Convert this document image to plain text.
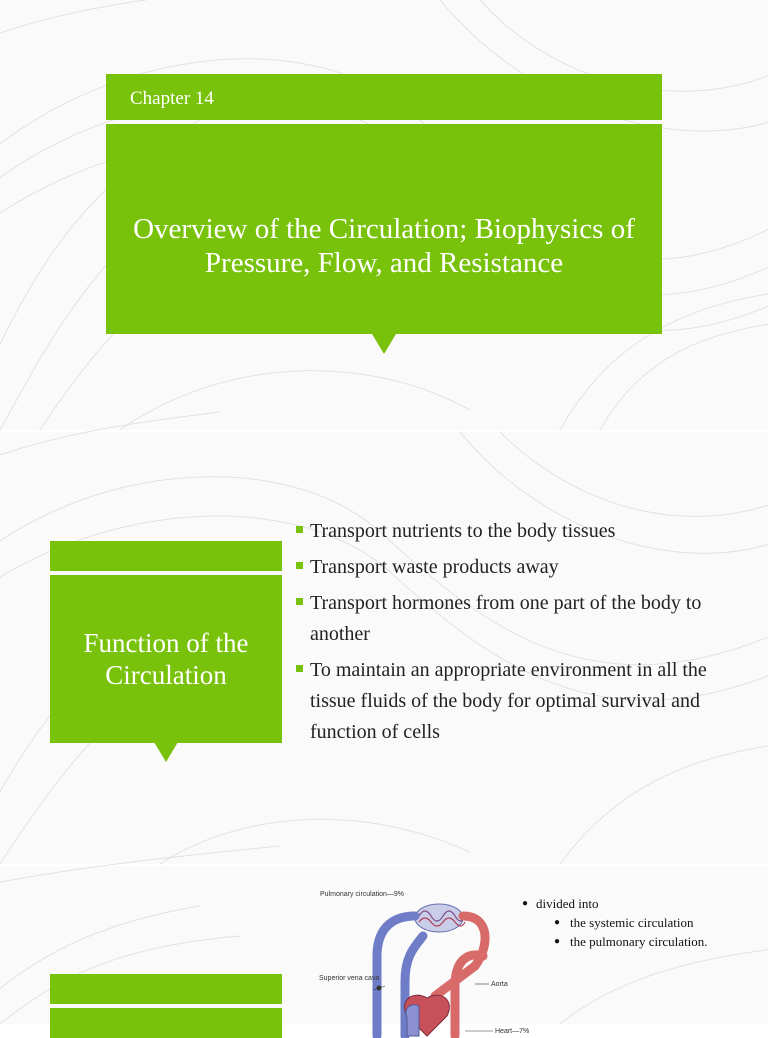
Chapter 14
Overview of the Circulation; Biophysics of Pressure, Flow, and Resistance
Function of the Circulation
Transport nutrients to the body tissues
Transport waste products away
Transport hormones from one part of the body to another
To maintain an appropriate environment in all the tissue fluids of the body for optimal survival and function of cells
Pulmonary circulation—9%
Superior vena cava
Aorta
Heart—7%
● divided into
● the systemic circulation
● the pulmonary circulation.
